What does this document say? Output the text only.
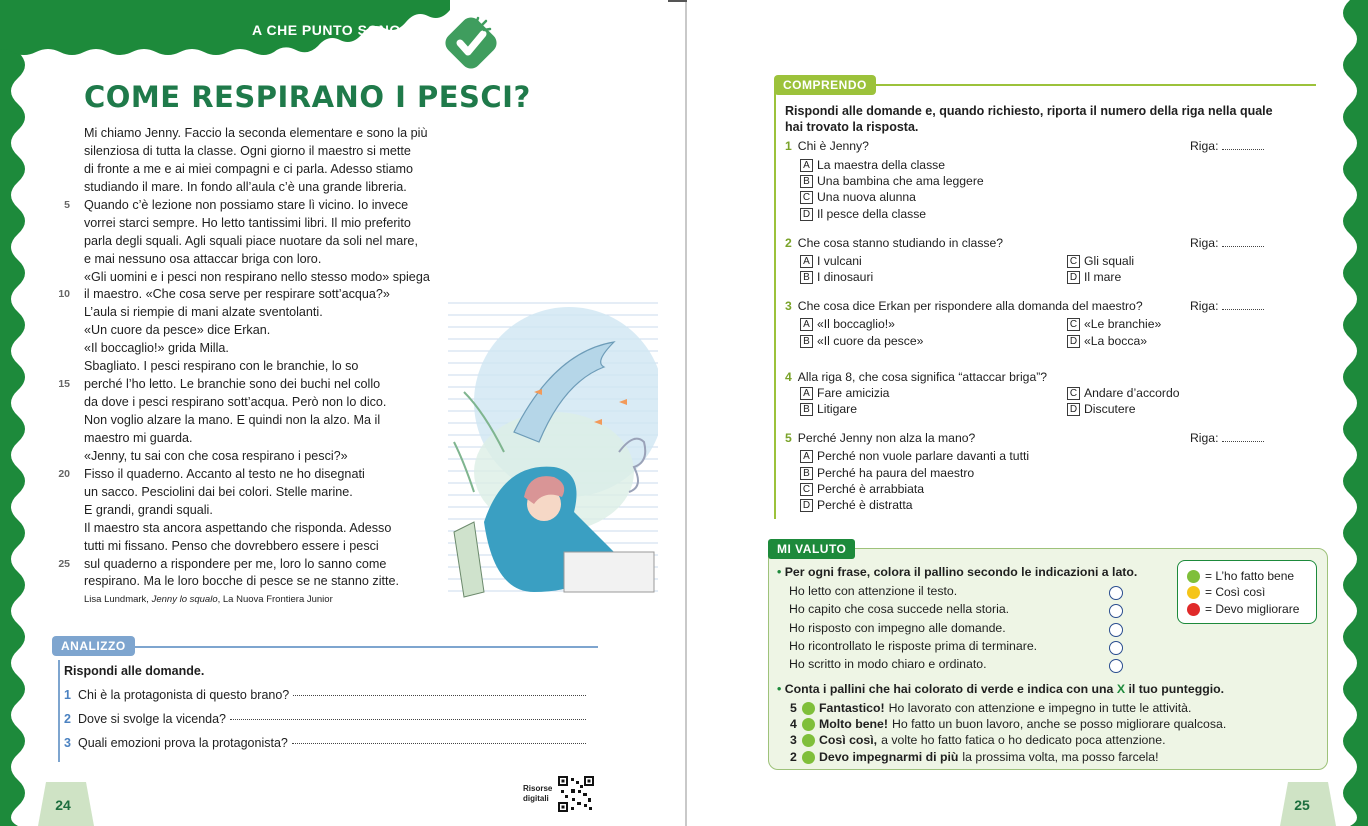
A CHE PUNTO SONO?
COME RESPIRANO I PESCI?
Mi chiamo Jenny. Faccio la seconda elementare e sono la più
silenziosa di tutta la classe. Ogni giorno il maestro si mette
di fronte a me e ai miei compagni e ci parla. Adesso stiamo
studiando il mare. In fondo all’aula c’è una grande libreria.
5 Quando c’è lezione non possiamo stare lì vicino. Io invece
vorrei starci sempre. Ho letto tantissimi libri. Il mio preferito
parla degli squali. Agli squali piace nuotare da soli nel mare,
e mai nessuno osa attaccar briga con loro.
«Gli uomini e i pesci non respirano nello stesso modo» spiega
10 il maestro. «Che cosa serve per respirare sott’acqua?»
L’aula si riempie di mani alzate sventolanti.
«Un cuore da pesce» dice Erkan.
«Il boccaglio!» grida Milla.
Sbagliato. I pesci respirano con le branchie, lo so
15 perché l’ho letto. Le branchie sono dei buchi nel collo
da dove i pesci respirano sott’acqua. Però non lo dico.
Non voglio alzare la mano. E quindi non la alzo. Ma il
maestro mi guarda.
«Jenny, tu sai con che cosa respirano i pesci?»
20 Fisso il quaderno. Accanto al testo ne ho disegnati
un sacco. Pesciolini dai bei colori. Stelle marine.
E grandi, grandi squali.
Il maestro sta ancora aspettando che risponda. Adesso
tutti mi fissano. Penso che dovrebbero essere i pesci
25 sul quaderno a rispondere per me, loro lo sanno come
respirano. Ma le loro bocche di pesce se ne stanno zitte.
Lisa Lundmark, Jenny lo squalo, La Nuova Frontiera Junior
ANALIZZO
Rispondi alle domande.
1 Chi è la protagonista di questo brano?
2 Dove si svolge la vicenda?
3 Quali emozioni prova la protagonista?
24
Risorse
digitali
COMPRENDO
Rispondi alle domande e, quando richiesto, riporta il numero della riga nella quale
hai trovato la risposta.
1 Chi è Jenny?	Riga:
A La maestra della classe
B Una bambina che ama leggere
C Una nuova alunna
D Il pesce della classe
2 Che cosa stanno studiando in classe?	Riga:
A I vulcani
B I dinosauri
C Gli squali
D Il mare
3 Che cosa dice Erkan per rispondere alla domanda del maestro?	Riga:
A «Il boccaglio!»
B «Il cuore da pesce»
C «Le branchie»
D «La bocca»
4 Alla riga 8, che cosa significa “attaccar briga”?
A Fare amicizia
B Litigare
C Andare d’accordo
D Discutere
5 Perché Jenny non alza la mano?	Riga:
A Perché non vuole parlare davanti a tutti
B Perché ha paura del maestro
C Perché è arrabbiata
D Perché è distratta
MI VALUTO
• Per ogni frase, colora il pallino secondo le indicazioni a lato.
Ho letto con attenzione il testo.
Ho capito che cosa succede nella storia.
Ho risposto con impegno alle domande.
Ho ricontrollato le risposte prima di terminare.
Ho scritto in modo chiaro e ordinato.
= L’ho fatto bene
= Così così
= Devo migliorare
• Conta i pallini che hai colorato di verde e indica con una X il tuo punteggio.
5 Fantastico! Ho lavorato con attenzione e impegno in tutte le attività.
4 Molto bene! Ho fatto un buon lavoro, anche se posso migliorare qualcosa.
3 Così così, a volte ho fatto fatica o ho dedicato poca attenzione.
2 Devo impegnarmi di più la prossima volta, ma posso farcela!
25
